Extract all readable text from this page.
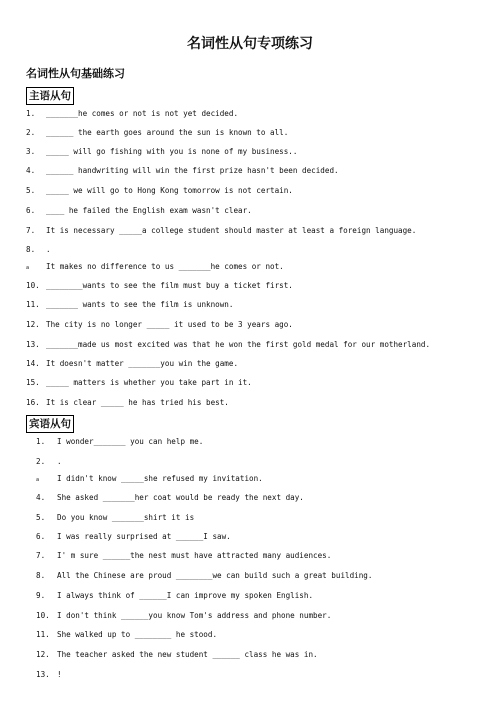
名词性从句专项练习
名词性从句基础练习
主语从句
1. _______he comes or not is not yet decided.
2. ______ the earth goes around the sun is known to all.
3. _____ will go fishing with you is none of my business..
4. ______ handwriting will win the first prize hasn't been decided.
5. _____ we will go to Hong Kong tomorrow is not certain.
6. ____ he failed the English exam wasn't clear.
7. It is necessary _____a college student should master at least a foreign language.
8. .
a It makes no difference to us _______he comes or not.
10. ________wants to see the film must buy a ticket first.
11. _______ wants to see the film is unknown.
12. The city is no longer _____ it used to be 3 years ago.
13. _______made us most excited was that he won the first gold medal for our motherland.
14. It doesn't matter _______you win the game.
15. _____ matters is whether you take part in it.
16. It is clear _____ he has tried his best.
宾语从句
1. I wonder_______ you can help me.
2. .
a I didn't know _____she refused my invitation.
4. She asked _______her coat would be ready the next day.
5. Do you know _______shirt it is
6. I was really surprised at ______I saw.
7. I' m sure ______the nest must have attracted many audiences.
8. All the Chinese are proud ________we can build such a great building.
9. I always think of ______I can improve my spoken English.
10. I don't think ______you know Tom's address and phone number.
11. She walked up to ________ he stood.
12. The teacher asked the new student ______ class he was in.
13. !
